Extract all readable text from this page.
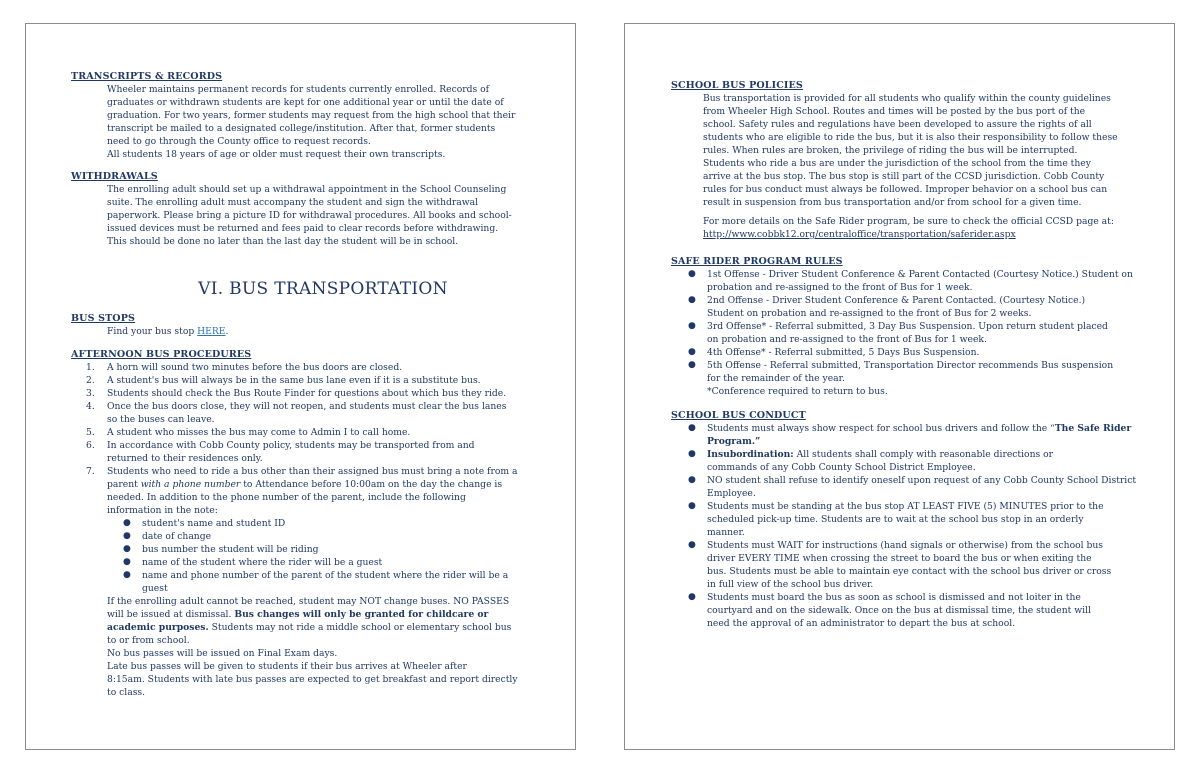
TRANSCRIPTS & RECORDS
Wheeler maintains permanent records for students currently enrolled. Records of
graduates or withdrawn students are kept for one additional year or until the date of
graduation. For two years, former students may request from the high school that their
transcript be mailed to a designated college/institution. After that, former students
need to go through the County office to request records.
All students 18 years of age or older must request their own transcripts.
WITHDRAWALS
The enrolling adult should set up a withdrawal appointment in the School Counseling
suite. The enrolling adult must accompany the student and sign the withdrawal
paperwork. Please bring a picture ID for withdrawal procedures. All books and school-
issued devices must be returned and fees paid to clear records before withdrawing.
This should be done no later than the last day the student will be in school.
VI. BUS TRANSPORTATION
BUS STOPS
Find your bus stop HERE.
AFTERNOON BUS PROCEDURES
1.	A horn will sound two minutes before the bus doors are closed.
2.	A student's bus will always be in the same bus lane even if it is a substitute bus.
3.	Students should check the Bus Route Finder for questions about which bus they ride.
4.	Once the bus doors close, they will not reopen, and students must clear the bus lanes
so the buses can leave.
5.	A student who misses the bus may come to Admin I to call home.
6.	In accordance with Cobb County policy, students may be transported from and
returned to their residences only.
7.	Students who need to ride a bus other than their assigned bus must bring a note from a
parent with a phone number to Attendance before 10:00am on the day the change is
needed. In addition to the phone number of the parent, include the following
information in the note:
● student's name and student ID
● date of change
● bus number the student will be riding
● name of the student where the rider will be a guest
● name and phone number of the parent of the student where the rider will be a
guest
If the enrolling adult cannot be reached, student may NOT change buses. NO PASSES
will be issued at dismissal. Bus changes will only be granted for childcare or
academic purposes. Students may not ride a middle school or elementary school bus
to or from school.
No bus passes will be issued on Final Exam days.
Late bus passes will be given to students if their bus arrives at Wheeler after
8:15am. Students with late bus passes are expected to get breakfast and report directly
to class.
SCHOOL BUS POLICIES
Bus transportation is provided for all students who qualify within the county guidelines
from Wheeler High School. Routes and times will be posted by the bus port of the
school. Safety rules and regulations have been developed to assure the rights of all
students who are eligible to ride the bus, but it is also their responsibility to follow these
rules. When rules are broken, the privilege of riding the bus will be interrupted.
Students who ride a bus are under the jurisdiction of the school from the time they
arrive at the bus stop. The bus stop is still part of the CCSD jurisdiction. Cobb County
rules for bus conduct must always be followed. Improper behavior on a school bus can
result in suspension from bus transportation and/or from school for a given time.
For more details on the Safe Rider program, be sure to check the official CCSD page at:
http://www.cobbk12.org/centraloffice/transportation/saferider.aspx
SAFE RIDER PROGRAM RULES
● 1st Offense - Driver Student Conference & Parent Contacted (Courtesy Notice.) Student on
probation and re-assigned to the front of Bus for 1 week.
● 2nd Offense - Driver Student Conference & Parent Contacted. (Courtesy Notice.)
Student on probation and re-assigned to the front of Bus for 2 weeks.
● 3rd Offense* - Referral submitted, 3 Day Bus Suspension. Upon return student placed
on probation and re-assigned to the front of Bus for 1 week.
● 4th Offense* - Referral submitted, 5 Days Bus Suspension.
● 5th Offense - Referral submitted, Transportation Director recommends Bus suspension
for the remainder of the year.
*Conference required to return to bus.
SCHOOL BUS CONDUCT
● Students must always show respect for school bus drivers and follow the “The Safe Rider
Program.”
● Insubordination: All students shall comply with reasonable directions or
commands of any Cobb County School District Employee.
● NO student shall refuse to identify oneself upon request of any Cobb County School District
Employee.
● Students must be standing at the bus stop AT LEAST FIVE (5) MINUTES prior to the
scheduled pick-up time. Students are to wait at the school bus stop in an orderly
manner.
● Students must WAIT for instructions (hand signals or otherwise) from the school bus
driver EVERY TIME when crossing the street to board the bus or when exiting the
bus. Students must be able to maintain eye contact with the school bus driver or cross
in full view of the school bus driver.
● Students must board the bus as soon as school is dismissed and not loiter in the
courtyard and on the sidewalk. Once on the bus at dismissal time, the student will
need the approval of an administrator to depart the bus at school.
